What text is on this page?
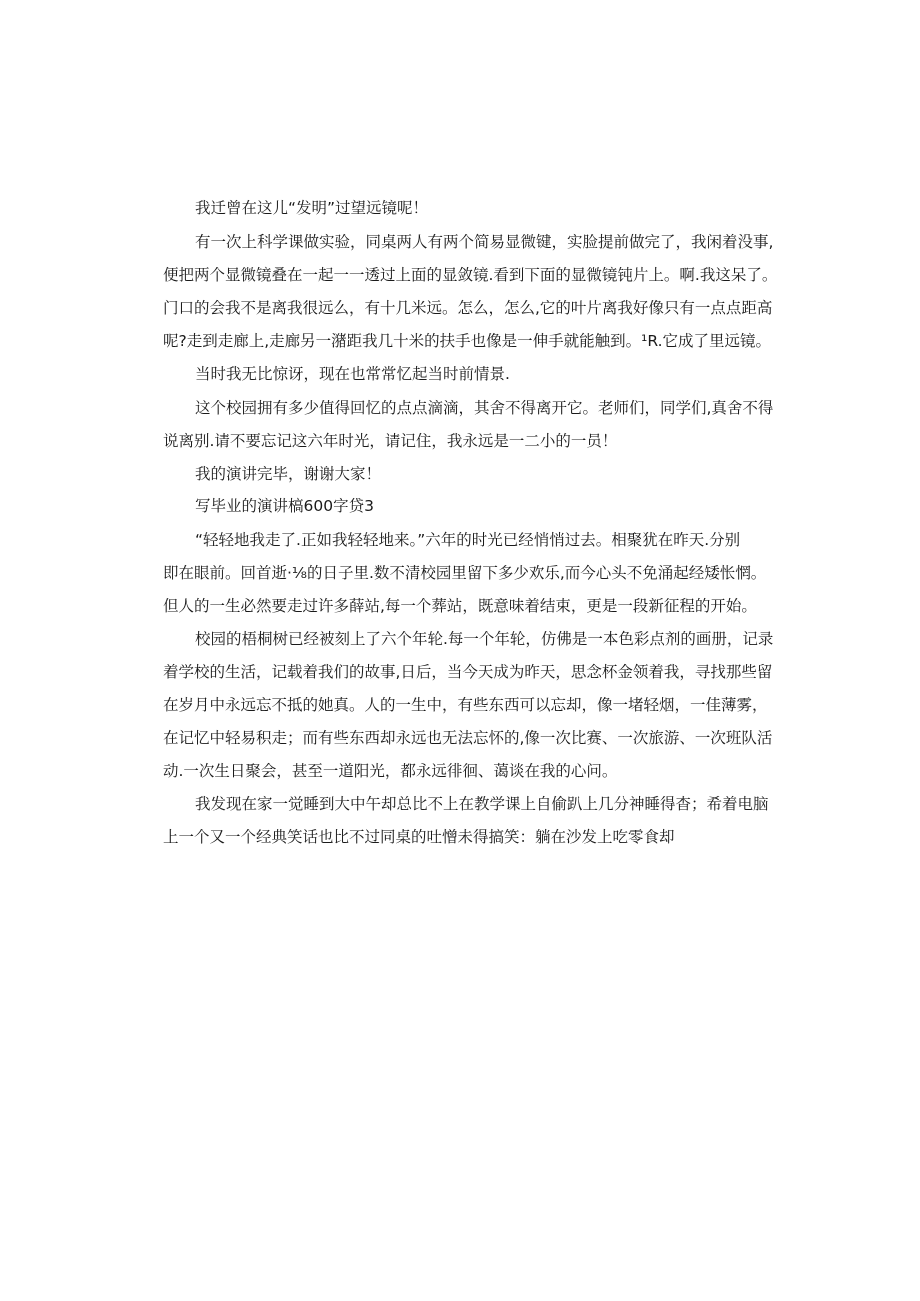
我迁曾在这儿“发明”过望远镜呢！
有一次上科学课做实验，同桌两人有两个简易显微键，实脸提前做完了，我闲着没事,
便把两个显微镜叠在一起一一透过上面的显敛镜.看到下面的显微镜钝片上。啊.我这呆了。
门口的会我不是离我很远么，有十几米远。怎么，怎么,它的叶片离我好像只有一点点距高
呢?走到走廊上,走廊另一潴距我几十米的扶手也像是一伸手就能触到。¹R.它成了里远镜。
当时我无比惊讶，现在也常常忆起当时前情景.
这个校园拥有多少值得回忆的点点滴滴，其舍不得离开它。老师们，同学们,真舍不得
说离别.请不要忘记这六年时光，请记住，我永远是一二小的一员！
我的演讲完毕，谢谢大家！
写毕业的演讲槁600字贷3
“轻轻地我走了.正如我轻轻地来。”六年的时光已经悄悄过去。相聚犹在昨天.分别
即在眼前。回首逝·⅛的日子里.数不清校园里留下多少欢乐,而今心头不免涌起经矮怅惘。
但人的一生必然要走过许多薛站,每一个葬站，既意味着结束，更是一段新征程的开始。
校园的梧桐树已经被刻上了六个年轮.每一个年轮，仿佛是一本色彩点剂的画册，记录
着学校的生活，记载着我们的故事,日后，当今天成为昨天，思念杯金领着我，寻找那些留
在岁月中永远忘不抵的她真。人的一生中，有些东西可以忘却，像一堵轻烟，一佳薄雾，
在记忆中轻易积走；而有些东西却永远也无法忘怀的,像一次比赛、一次旅游、一次班队活
动.一次生日聚会，甚至一道阳光，都永远徘徊、蔼谈在我的心问。
我发现在家一觉睡到大中午却总比不上在教学课上自偷趴上几分神睡得杳；希着电脑
上一个又一个经典笑话也比不过同桌的吐憎未得搞笑：躺在沙发上吃零食却
